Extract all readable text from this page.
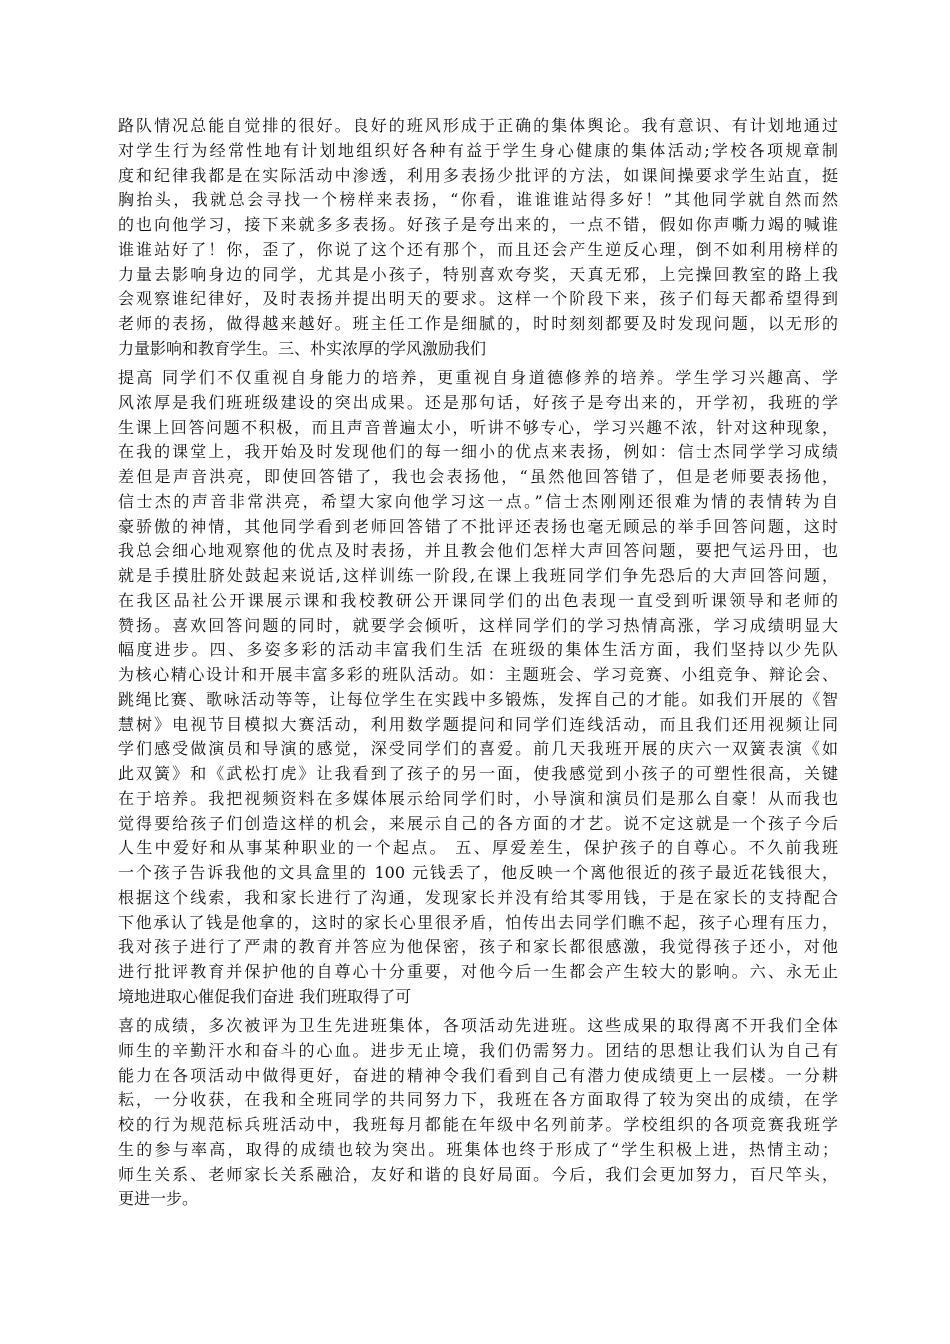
路队情况总能自觉排的很好。良好的班风形成于正确的集体舆论。我有意识、有计划地通过
对学生行为经常性地有计划地组织好各种有益于学生身心健康的集体活动;学校各项规章制
度和纪律我都是在实际活动中渗透，利用多表扬少批评的方法，如课间操要求学生站直，挺
胸抬头，我就总会寻找一个榜样来表扬，“你看，谁谁谁站得多好！”其他同学就自然而然
的也向他学习，接下来就多多表扬。好孩子是夸出来的，一点不错，假如你声嘶力竭的喊谁
谁谁站好了！你，歪了，你说了这个还有那个，而且还会产生逆反心理，倒不如利用榜样的
力量去影响身边的同学，尤其是小孩子，特别喜欢夸奖，天真无邪，上完操回教室的路上我
会观察谁纪律好，及时表扬并提出明天的要求。这样一个阶段下来，孩子们每天都希望得到
老师的表扬，做得越来越好。班主任工作是细腻的，时时刻刻都要及时发现问题，以无形的
力量影响和教育学生。三、朴实浓厚的学风激励我们
提高 同学们不仅重视自身能力的培养，更重视自身道德修养的培养。学生学习兴趣高、学
风浓厚是我们班班级建设的突出成果。还是那句话，好孩子是夸出来的，开学初，我班的学
生课上回答问题不积极，而且声音普遍太小，听讲不够专心，学习兴趣不浓，针对这种现象，
在我的课堂上，我开始及时发现他们的每一细小的优点来表扬，例如：信士杰同学学习成绩
差但是声音洪亮，即使回答错了，我也会表扬他，“虽然他回答错了，但是老师要表扬他，
信士杰的声音非常洪亮，希望大家向他学习这一点。”信士杰刚刚还很难为情的表情转为自
豪骄傲的神情，其他同学看到老师回答错了不批评还表扬也毫无顾忌的举手回答问题，这时
我总会细心地观察他的优点及时表扬，并且教会他们怎样大声回答问题，要把气运丹田，也
就是手摸肚脐处鼓起来说话,这样训练一阶段,在课上我班同学们争先恐后的大声回答问题，
在我区品社公开课展示课和我校教研公开课同学们的出色表现一直受到听课领导和老师的
赞扬。喜欢回答问题的同时，就要学会倾听，这样同学们的学习热情高涨，学习成绩明显大
幅度进步。四、多姿多彩的活动丰富我们生活 在班级的集体生活方面，我们坚持以少先队
为核心精心设计和开展丰富多彩的班队活动。如：主题班会、学习竞赛、小组竞争、辩论会、
跳绳比赛、歌咏活动等等，让每位学生在实践中多锻炼，发挥自己的才能。如我们开展的《智
慧树》电视节目模拟大赛活动，利用数学题提问和同学们连线活动，而且我们还用视频让同
学们感受做演员和导演的感觉，深受同学们的喜爱。前几天我班开展的庆六一双簧表演《如
此双簧》和《武松打虎》让我看到了孩子的另一面，使我感觉到小孩子的可塑性很高，关键
在于培养。我把视频资料在多媒体展示给同学们时，小导演和演员们是那么自豪！从而我也
觉得要给孩子们创造这样的机会，来展示自己的各方面的才艺。说不定这就是一个孩子今后
人生中爱好和从事某种职业的一个起点。 五、厚爱差生，保护孩子的自尊心。不久前我班
一个孩子告诉我他的文具盒里的 100 元钱丢了，他反映一个离他很近的孩子最近花钱很大，
根据这个线索，我和家长进行了沟通，发现家长并没有给其零用钱，于是在家长的支持配合
下他承认了钱是他拿的，这时的家长心里很矛盾，怕传出去同学们瞧不起，孩子心理有压力，
我对孩子进行了严肃的教育并答应为他保密，孩子和家长都很感激，我觉得孩子还小，对他
进行批评教育并保护他的自尊心十分重要，对他今后一生都会产生较大的影响。六、永无止
境地进取心催促我们奋进 我们班取得了可
喜的成绩，多次被评为卫生先进班集体，各项活动先进班。这些成果的取得离不开我们全体
师生的辛勤汗水和奋斗的心血。进步无止境，我们仍需努力。团结的思想让我们认为自己有
能力在各项活动中做得更好，奋进的精神令我们看到自己有潜力使成绩更上一层楼。一分耕
耘，一分收获，在我和全班同学的共同努力下，我班在各方面取得了较为突出的成绩，在学
校的行为规范标兵班活动中，我班每月都能在年级中名列前茅。学校组织的各项竞赛我班学
生的参与率高，取得的成绩也较为突出。班集体也终于形成了“学生积极上进，热情主动；
师生关系、老师家长关系融洽，友好和谐的良好局面。今后，我们会更加努力，百尺竿头，
更进一步。
